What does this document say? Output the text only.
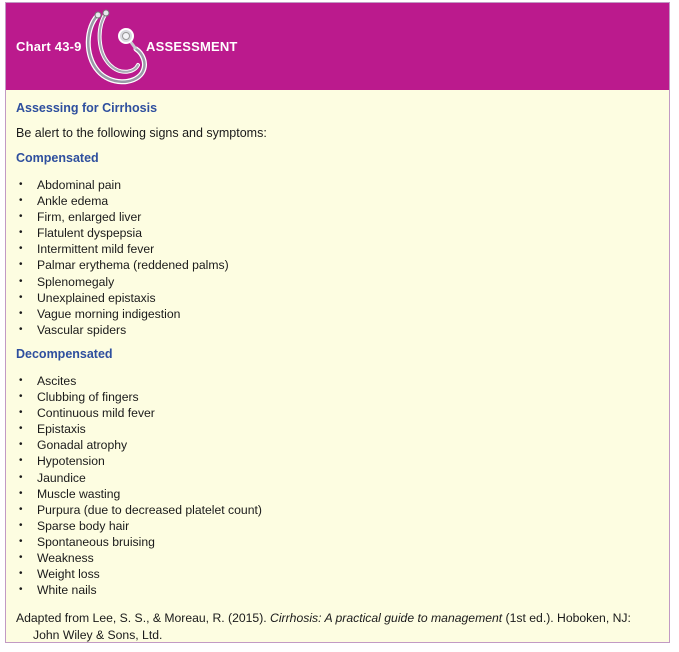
Chart 43-9	ASSESSMENT
Assessing for Cirrhosis
Be alert to the following signs and symptoms:
Compensated
• Abdominal pain
• Ankle edema
• Firm, enlarged liver
• Flatulent dyspepsia
• Intermittent mild fever
• Palmar erythema (reddened palms)
• Splenomegaly
• Unexplained epistaxis
• Vague morning indigestion
• Vascular spiders
Decompensated
• Ascites
• Clubbing of fingers
• Continuous mild fever
• Epistaxis
• Gonadal atrophy
• Hypotension
• Jaundice
• Muscle wasting
• Purpura (due to decreased platelet count)
• Sparse body hair
• Spontaneous bruising
• Weakness
• Weight loss
• White nails
Adapted from Lee, S. S., & Moreau, R. (2015). Cirrhosis: A practical guide to management (1st ed.). Hoboken, NJ: John Wiley & Sons, Ltd.
